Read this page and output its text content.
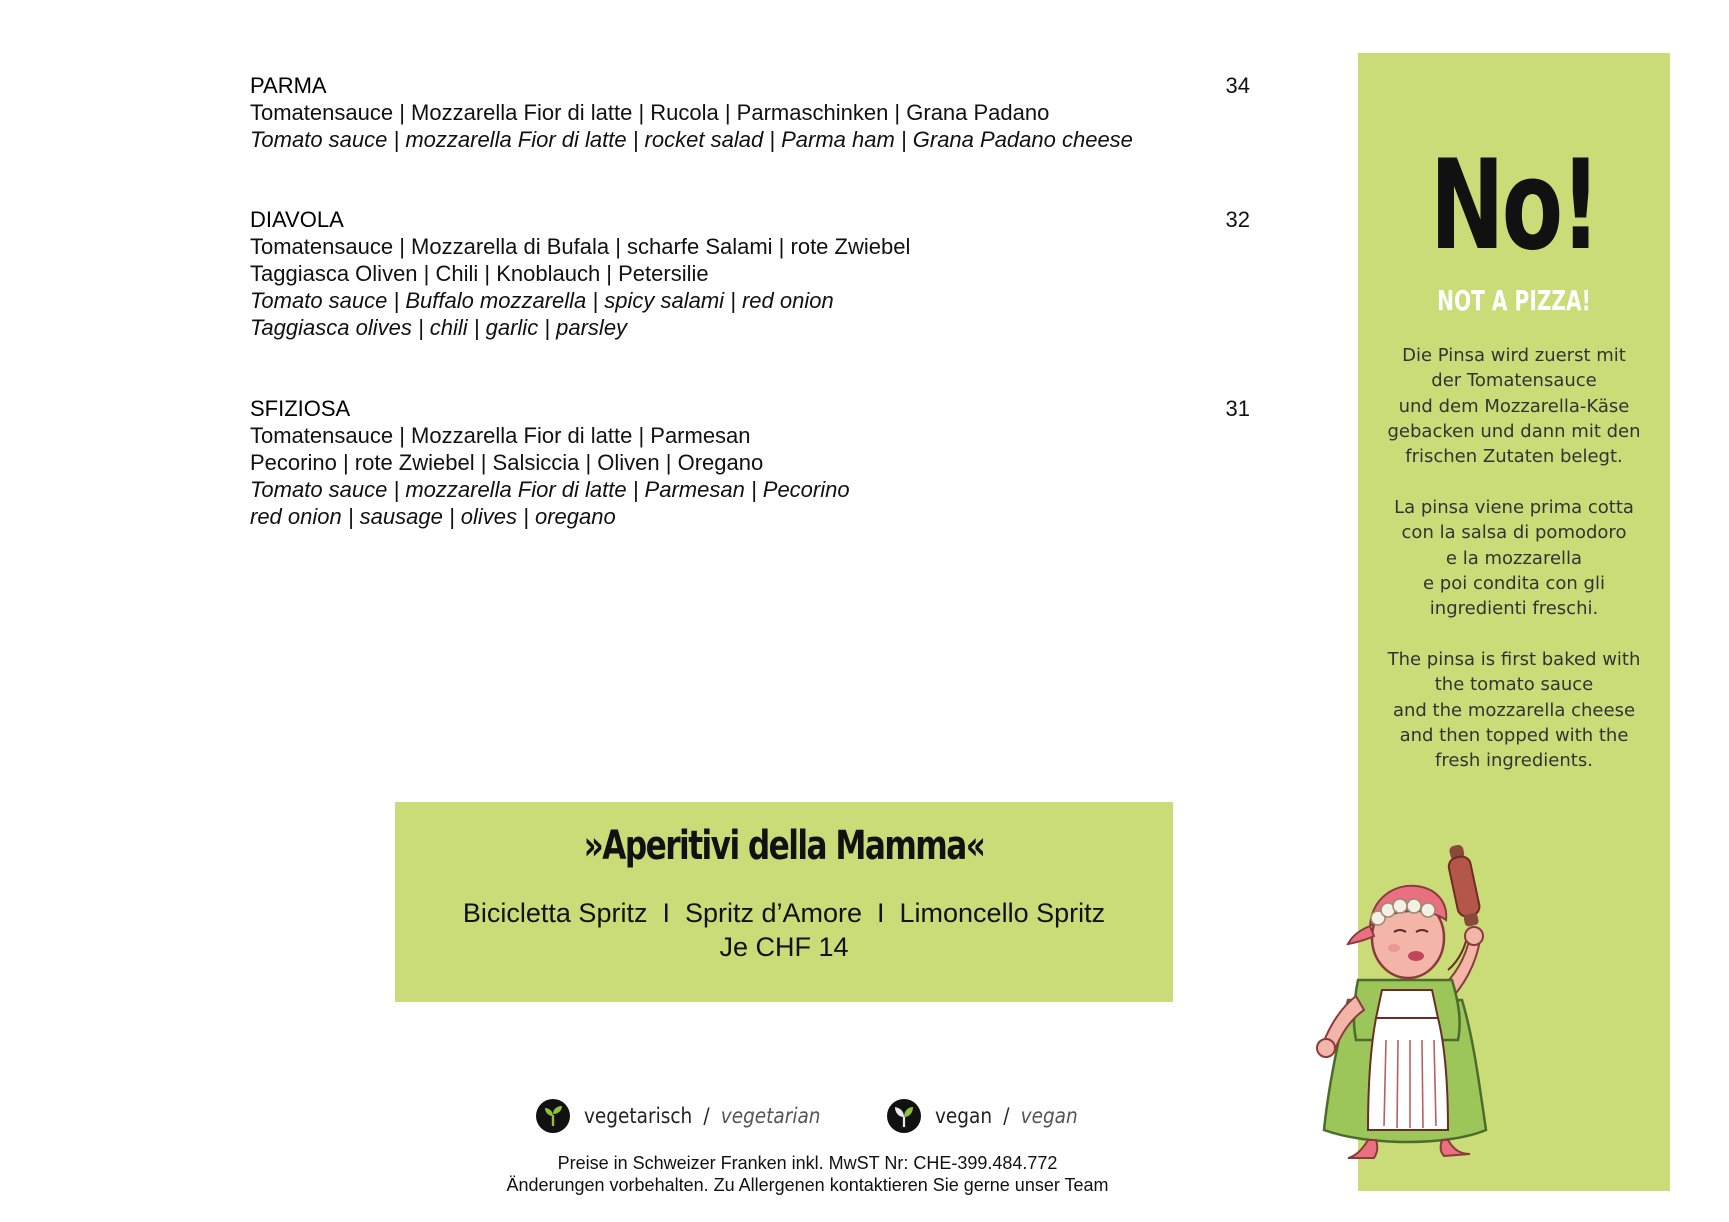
PARMA	34
Tomatensauce | Mozzarella Fior di latte | Rucola | Parmaschinken | Grana Padano
Tomato sauce | mozzarella Fior di latte | rocket salad | Parma ham | Grana Padano cheese
DIAVOLA	32
Tomatensauce | Mozzarella di Bufala | scharfe Salami | rote Zwiebel
Taggiasca Oliven | Chili | Knoblauch | Petersilie
Tomato sauce | Buffalo mozzarella | spicy salami | red onion
Taggiasca olives | chili | garlic | parsley
SFIZIOSA	31
Tomatensauce | Mozzarella Fior di latte | Parmesan
Pecorino | rote Zwiebel | Salsiccia | Oliven | Oregano
Tomato sauce | mozzarella Fior di latte | Parmesan | Pecorino
red onion | sausage | olives | oregano
»Aperitivi della Mamma«
Bicicletta Spritz  I  Spritz d’Amore  I  Limoncello Spritz
Je CHF 14
vegetarisch / vegetarian	vegan / vegan
Preise in Schweizer Franken inkl. MwST Nr: CHE-399.484.772
Änderungen vorbehalten. Zu Allergenen kontaktieren Sie gerne unser Team
No!
NOT A PIZZA!
Die Pinsa wird zuerst mit
der Tomatensauce
und dem Mozzarella-Käse
gebacken und dann mit den
frischen Zutaten belegt.
La pinsa viene prima cotta
con la salsa di pomodoro
e la mozzarella
e poi condita con gli
ingredienti freschi.
The pinsa is first baked with
the tomato sauce
and the mozzarella cheese
and then topped with the
fresh ingredients.
